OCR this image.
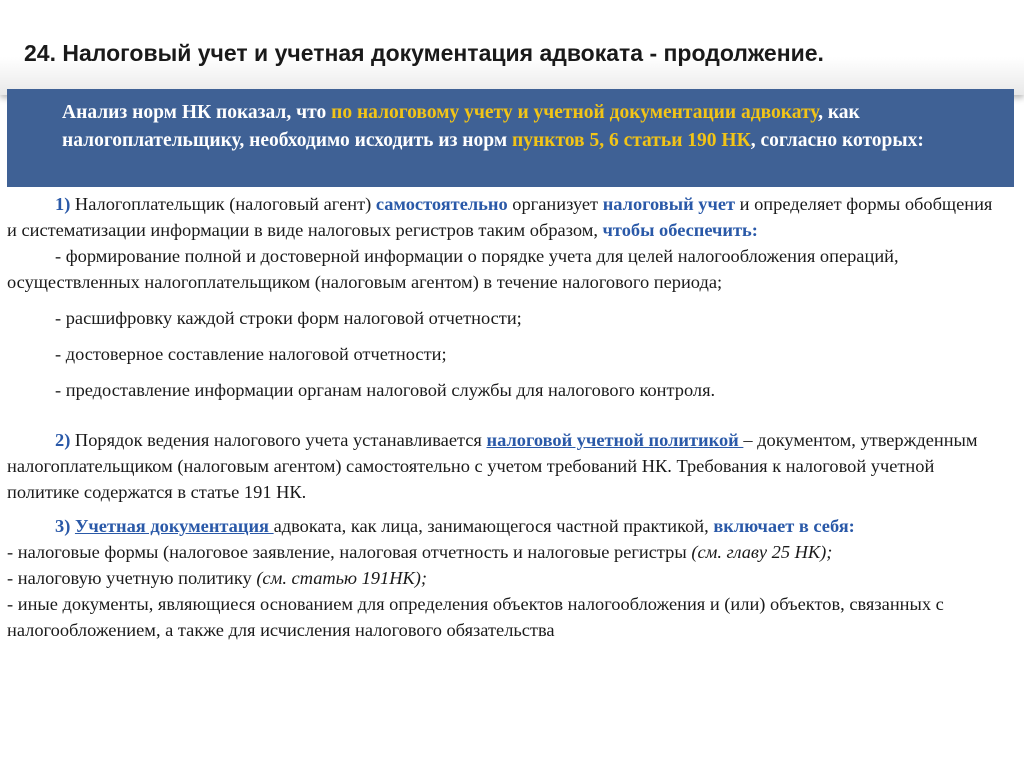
24. Налоговый учет и учетная документация адвоката - продолжение.
Анализ норм НК показал, что по налоговому учету и учетной документации адвокату, как налогоплательщику, необходимо исходить из норм пунктов 5, 6 статьи 190 НК, согласно которых:

1) Налогоплательщик (налоговый агент) самостоятельно организует налоговый учет и определяет формы обобщения и систематизации информации в виде налоговых регистров таким образом, чтобы обеспечить:

- формирование полной и достоверной информации о порядке учета для целей налогообложения операций, осуществленных налогоплательщиком (налоговым агентом) в течение налогового периода;

- расшифровку каждой строки форм налоговой отчетности;

- достоверное составление налоговой отчетности;

- предоставление информации органам налоговой службы для налогового контроля.

2) Порядок ведения налогового учета устанавливается налоговой учетной политикой – документом, утвержденным налогоплательщиком (налоговым агентом) самостоятельно с учетом требований НК. Требования к налоговой учетной политике содержатся в статье 191 НК.

3) Учетная документация адвоката, как лица, занимающегося частной практикой, включает в себя:

- налоговые формы (налоговое заявление, налоговая отчетность и налоговые регистры (см. главу 25 НК);

- налоговую учетную политику (см. статью 191НК);

- иные документы, являющиеся основанием для определения объектов налогообложения и (или) объектов, связанных с налогообложением, а также для исчисления налогового обязательства
